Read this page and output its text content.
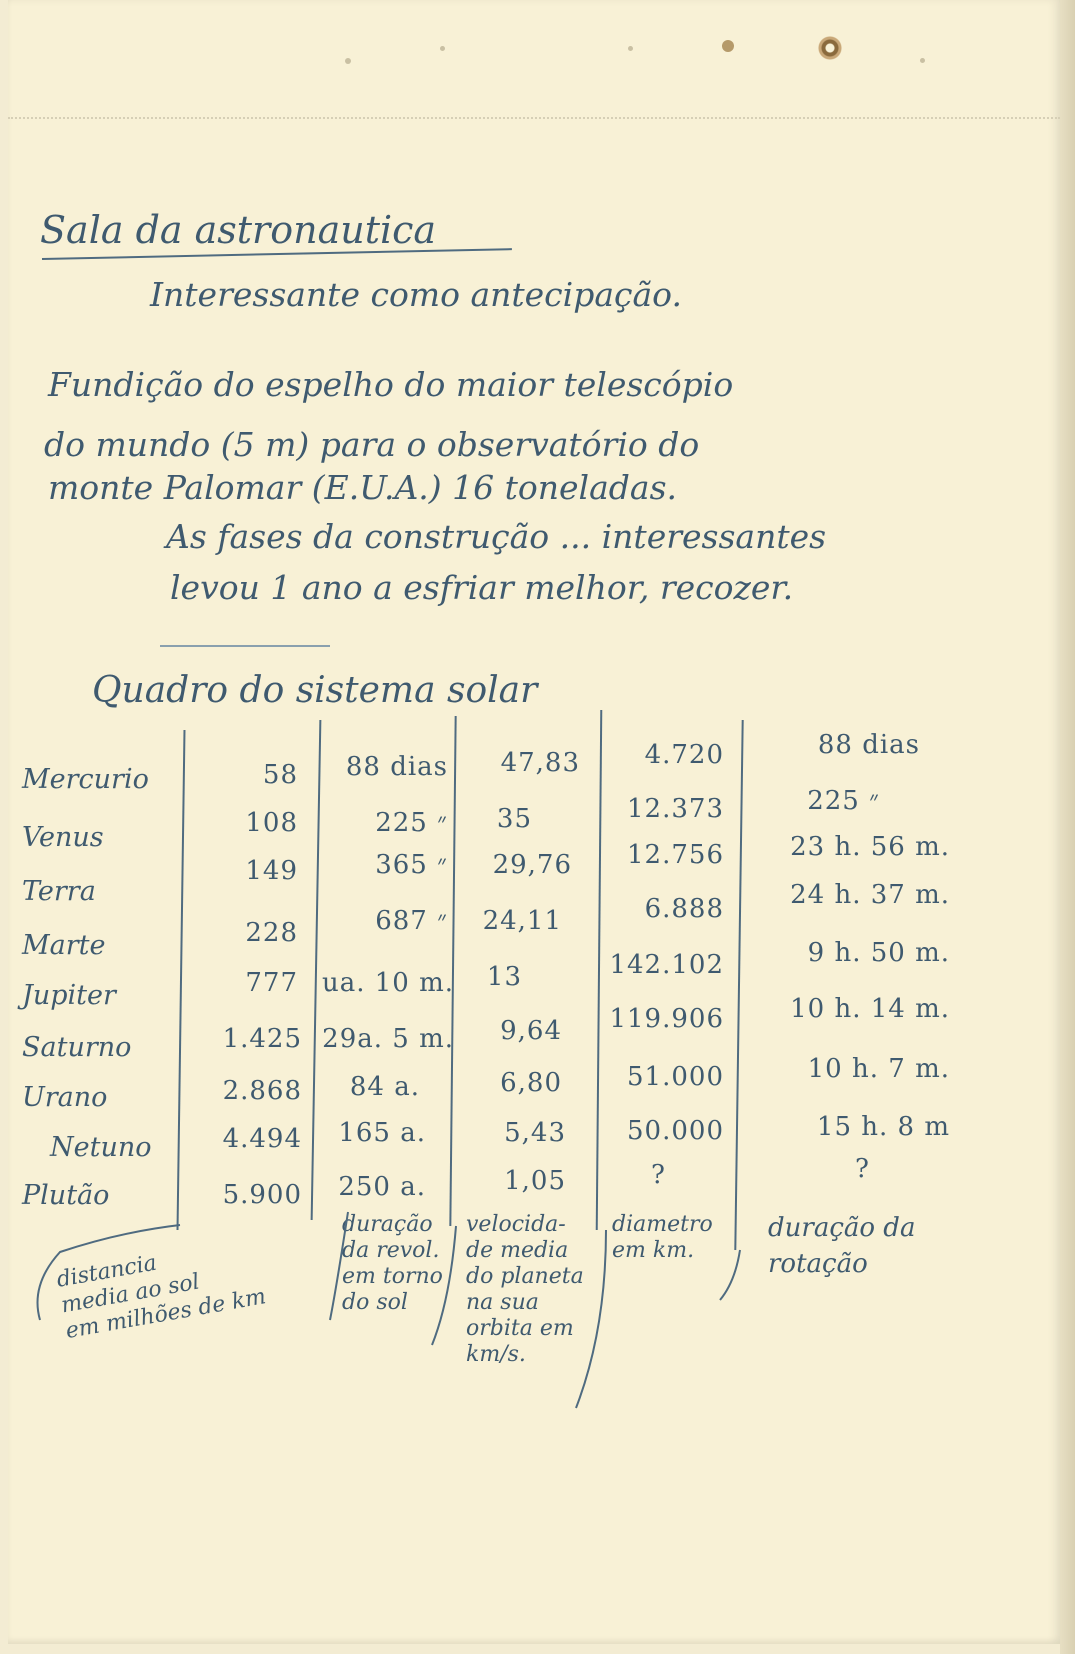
Sala da astronautica
Interessante como antecipação.
Fundição do espelho do maior telescópio
do mundo (5 m) para o observatório do
monte Palomar (E.U.A.) 16 toneladas.
As fases da construção ... interessantes
levou 1 ano a esfriar melhor, recozer.
Quadro do sistema solar
Mercurio
Venus
Terra
Marte
Jupiter
Saturno
Urano
Netuno
Plutão
58
108
149
228
777
1.425
2.868
4.494
5.900
88 dias
225 ״
365 ״
687 ״
ua. 10 m.
29a. 5 m.
84 a.
165 a.
250 a.
47,83
35
29,76
24,11
13
9,64
6,80
5,43
1,05
4.720
12.373
12.756
6.888
142.102
119.906
51.000
50.000
?
88 dias
225 ״
23 h. 56 m.
24 h. 37 m.
9 h. 50 m.
10 h. 14 m.
10 h. 7 m.
15 h. 8 m
?
distancia
media ao sol
em milhões de km
duração
da revol.
em torno
do sol
velocida-
de media
do planeta
na sua
orbita em
km/s.
diametro
em km.
duração da
rotação
